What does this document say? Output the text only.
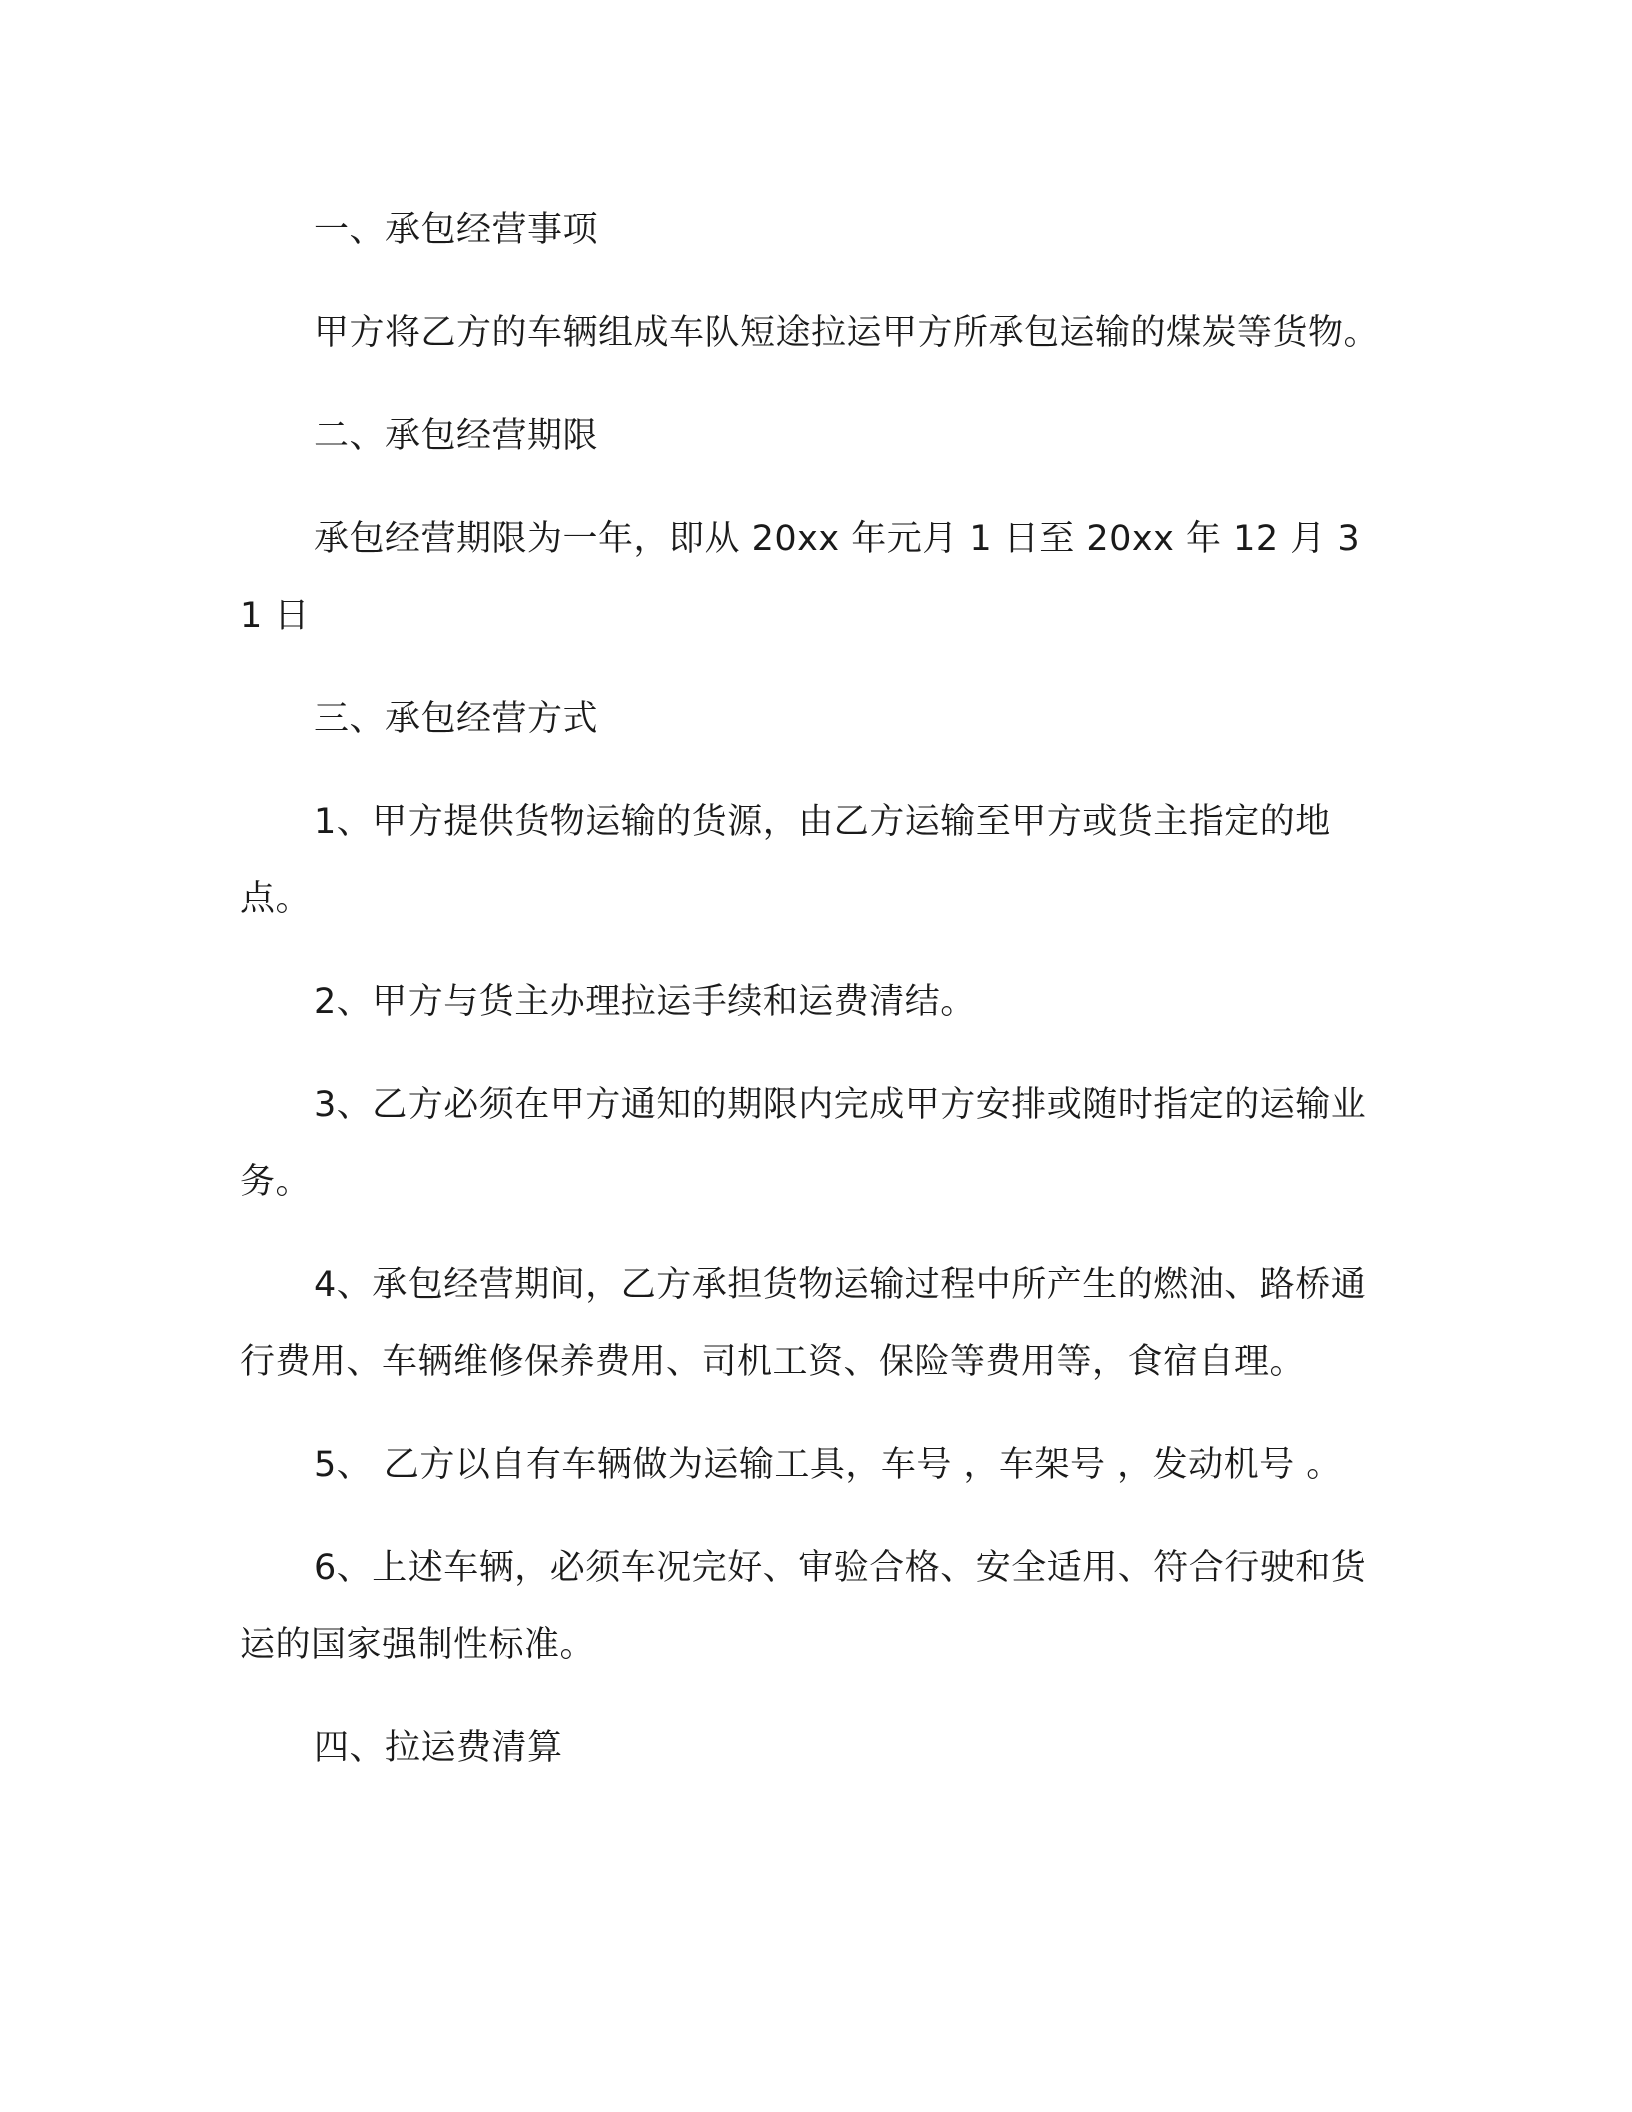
一、承包经营事项

甲方将乙方的车辆组成车队短途拉运甲方所承包运输的煤炭等货物。

二、承包经营期限

承包经营期限为一年，即从 20xx 年元月 1 日至 20xx 年 12 月 31 日

三、承包经营方式

1、甲方提供货物运输的货源，由乙方运输至甲方或货主指定的地点。

2、甲方与货主办理拉运手续和运费清结。

3、乙方必须在甲方通知的期限内完成甲方安排或随时指定的运输业务。

4、承包经营期间，乙方承担货物运输过程中所产生的燃油、路桥通行费用、车辆维修保养费用、司机工资、保险等费用等，食宿自理。

5、 乙方以自有车辆做为运输工具，车号 ，车架号 ，发动机号 。

6、上述车辆，必须车况完好、审验合格、安全适用、符合行驶和货运的国家强制性标准。

四、拉运费清算
